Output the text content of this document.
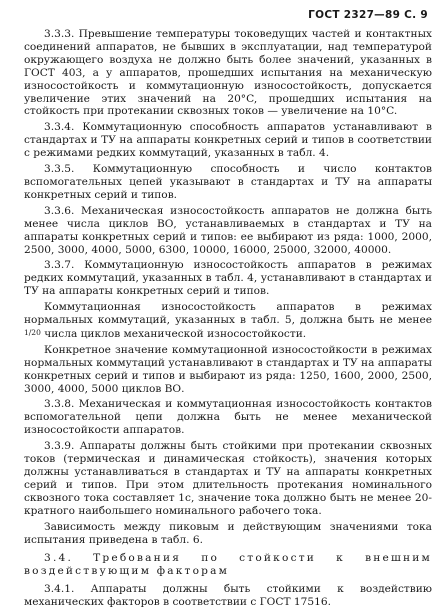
ГОСТ 2327—89 С. 9

3.3.3. Превышение температуры токоведущих частей и контактных соединений аппаратов, не бывших в эксплуатации, над температурой окружающего воздуха не должно быть более значений, указанных в ГОСТ 403, а у аппаратов, прошедших испытания на механическую износостойкость и коммутационную износостойкость, допускается увеличение этих значений на 20°C, прошедших испытания на стойкость при протекании сквозных токов — увеличение на 10°C.

3.3.4. Коммутационную способность аппаратов устанавливают в стандартах и ТУ на аппараты конкретных серий и типов в соответствии с режимами редких коммутаций, указанных в табл. 4.

3.3.5. Коммутационную способность и число контактов вспомогательных цепей указывают в стандартах и ТУ на аппараты конкретных серий и типов.

3.3.6. Механическая износостойкость аппаратов не должна быть менее числа циклов ВО, устанавливаемых в стандартах и ТУ на аппараты конкретных серий и типов: ее выбирают из ряда: 1000, 2000, 2500, 3000, 4000, 5000, 6300, 10000, 16000, 25000, 32000, 40000.

3.3.7. Коммутационную износостойкость аппаратов в режимах редких коммутаций, указанных в табл. 4, устанавливают в стандартах и ТУ на аппараты конкретных серий и типов.

Коммутационная износостойкость аппаратов в режимах нормальных коммутаций, указанных в табл. 5, должна быть не менее 1/20 числа циклов механической износостойкости.

Конкретное значение коммутационной износостойкости в режимах нормальных коммутаций устанавливают в стандартах и ТУ на аппараты конкретных серий и типов и выбирают из ряда: 1250, 1600, 2000, 2500, 3000, 4000, 5000 циклов ВО.

3.3.8. Механическая и коммутационная износостойкость контактов вспомогательной цепи должна быть не менее механической износостойкости аппаратов.

3.3.9. Аппараты должны быть стойкими при протекании сквозных токов (термическая и динамическая стойкость), значения которых должны устанавливаться в стандартах и ТУ на аппараты конкретных серий и типов. При этом длительность протекания номинального сквозного тока составляет 1с, значение тока должно быть не менее 20-кратного наибольшего номинального рабочего тока.

Зависимость между пиковым и действующим значениями тока испытания приведена в табл. 6.

3.4. Требования по стойкости к внешним воздействующим факторам

3.4.1. Аппараты должны быть стойкими к воздействию механических факторов в соответствии с ГОСТ 17516.
